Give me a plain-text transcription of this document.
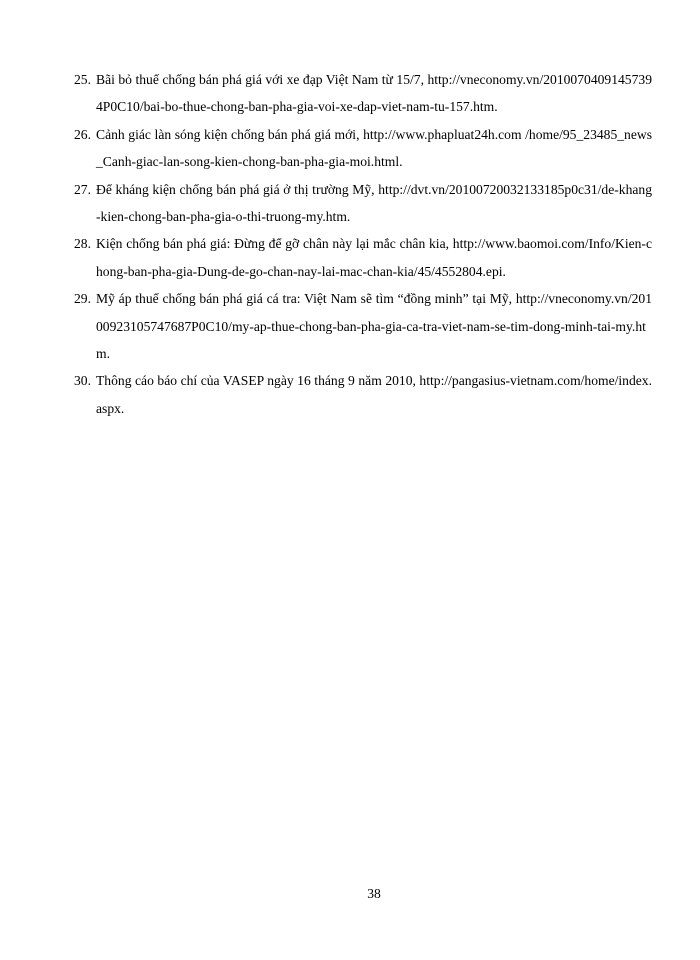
25. Bãi bỏ thuế chống bán phá giá với xe đạp Việt Nam từ 15/7, http://vneconomy.vn/20100704091457394P0C10/bai-bo-thue-chong-ban-pha-gia-voi-xe-dap-viet-nam-tu-157.htm.
26. Cảnh giác làn sóng kiện chống bán phá giá mới, http://www.phapluat24h.com /home/95_23485_news_Canh-giac-lan-song-kien-chong-ban-pha-gia-moi.html.
27. Để kháng kiện chống bán phá giá ở thị trường Mỹ, http://dvt.vn/20100720032133185p0c31/de-khang-kien-chong-ban-pha-gia-o-thi-truong-my.htm.
28. Kiện chống bán phá giá: Đừng để gỡ chân này lại mắc chân kia, http://www.baomoi.com/Info/Kien-chong-ban-pha-gia-Dung-de-go-chan-nay-lai-mac-chan-kia/45/4552804.epi.
29. Mỹ áp thuế chống bán phá giá cá tra: Việt Nam sẽ tìm “đồng minh” tại Mỹ, http://vneconomy.vn/20100923105747687P0C10/my-ap-thue-chong-ban-pha-gia-ca-tra-viet-nam-se-tim-dong-minh-tai-my.htm.
30. Thông cáo báo chí của VASEP ngày 16 tháng 9 năm 2010, http://pangasius-vietnam.com/home/index.aspx.
38
